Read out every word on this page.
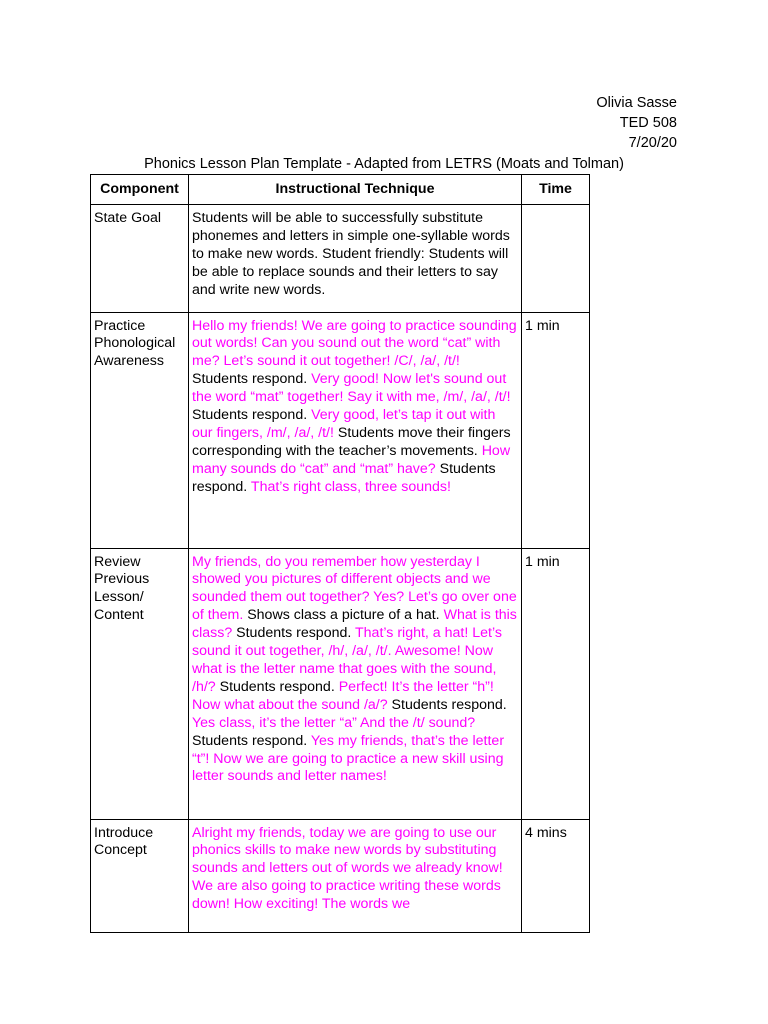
Olivia Sasse
TED 508
7/20/20
Phonics Lesson Plan Template - Adapted from LETRS (Moats and Tolman)
Component	Instructional Technique	Time
State Goal	Students will be able to successfully substitute phonemes and letters in simple one-syllable words to make new words. Student friendly: Students will be able to replace sounds and their letters to say and write new words.	
Practice Phonological Awareness	Hello my friends! We are going to practice sounding out words! Can you sound out the word “cat” with me? Let’s sound it out together! /C/, /a/, /t/! Students respond. Very good! Now let's sound out the word “mat” together! Say it with me, /m/, /a/, /t/! Students respond. Very good, let’s tap it out with our fingers, /m/, /a/, /t/! Students move their fingers corresponding with the teacher’s movements. How many sounds do “cat” and “mat” have? Students respond. That’s right class, three sounds!	1 min
Review Previous Lesson/ Content	My friends, do you remember how yesterday I showed you pictures of different objects and we sounded them out together? Yes? Let’s go over one of them. Shows class a picture of a hat. What is this class? Students respond. That’s right, a hat! Let’s sound it out together, /h/, /a/, /t/. Awesome! Now what is the letter name that goes with the sound, /h/? Students respond. Perfect! It’s the letter “h”! Now what about the sound /a/? Students respond. Yes class, it’s the letter “a” And the /t/ sound? Students respond. Yes my friends, that’s the letter “t”! Now we are going to practice a new skill using letter sounds and letter names!	1 min
Introduce Concept	Alright my friends, today we are going to use our phonics skills to make new words by substituting sounds and letters out of words we already know! We are also going to practice writing these words down! How exciting! The words we	4 mins
